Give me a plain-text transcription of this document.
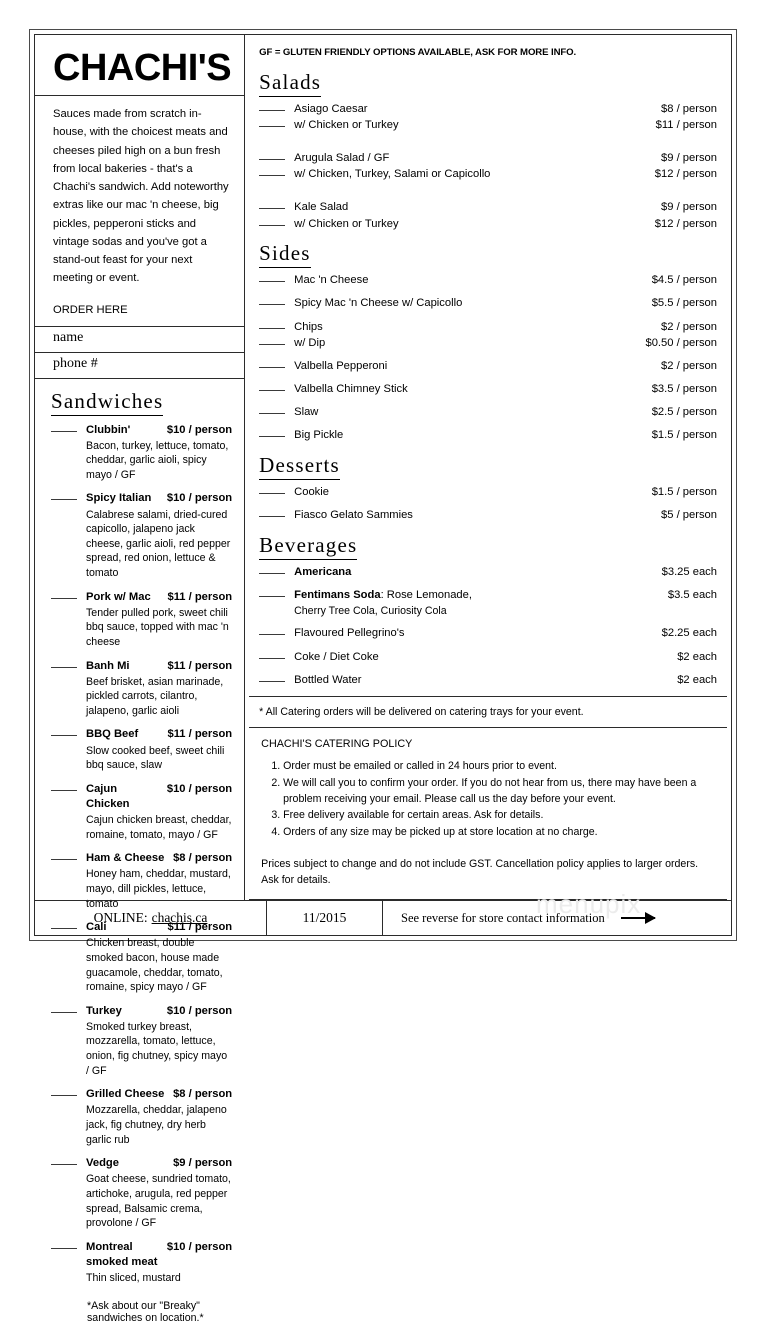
CHACHI'S
Sauces made from scratch in-house, with the choicest meats and cheeses piled high on a bun fresh from local bakeries - that's a Chachi's sandwich. Add noteworthy extras like our mac 'n cheese, big pickles, pepperoni sticks and vintage sodas and you've got a stand-out feast for your next meeting or event.
ORDER HERE
name
phone #
Sandwiches
Clubbin'	$10 / person
Bacon, turkey, lettuce, tomato, cheddar, garlic aioli, spicy mayo / GF
Spicy Italian $10 / person
Calabrese salami, dried-cured capicollo, jalapeno jack cheese, garlic aioli, red pepper spread, red onion, lettuce & tomato
Pork w/ Mac $11 / person
Tender pulled pork, sweet chili bbq sauce, topped with mac 'n cheese
Banh Mi	$11 / person
Beef brisket, asian marinade, pickled carrots, cilantro, jalapeno, garlic aioli
BBQ Beef	$11 / person
Slow cooked beef, sweet chili bbq sauce, slaw
Cajun Chicken
$10 / person
Cajun chicken breast, cheddar, romaine, tomato, mayo / GF
Ham & Cheese $8 / person
Honey ham, cheddar, mustard, mayo, dill pickles, lettuce, tomato
Cali	$11 / person
Chicken breast, double smoked bacon, house made guacamole, cheddar, tomato, romaine, spicy mayo / GF
Turkey	$10 / person
Smoked turkey breast, mozzarella, tomato, lettuce, onion, fig chutney, spicy mayo / GF
Grilled Cheese $8 / person
Mozzarella, cheddar, jalapeno jack, fig chutney, dry herb garlic rub
Vedge	$9 / person
Goat cheese, sundried tomato, artichoke, arugula, red pepper spread, Balsamic crema, provolone / GF
Montreal smoked meat
$10 / person
Thin sliced, mustard
*Ask about our "Breaky" sandwiches on location.*
GF = GLUTEN FRIENDLY OPTIONS AVAILABLE, ASK FOR MORE INFO.
Salads
Asiago Caesar	$8 / person
w/ Chicken or Turkey	$11 / person
Arugula Salad / GF	$9 / person
w/ Chicken, Turkey, Salami or Capicollo	$12 / person
Kale Salad	$9 / person
w/ Chicken or Turkey	$12 / person
Sides
Mac 'n Cheese	$4.5 / person
Spicy Mac 'n Cheese w/ Capicollo	$5.5 / person
Chips	$2 / person
w/ Dip	$0.50 / person
Valbella Pepperoni	$2 / person
Valbella Chimney Stick	$3.5 / person
Slaw	$2.5 / person
Big Pickle	$1.5 / person
Desserts
Cookie	$1.5 / person
Fiasco Gelato Sammies	$5 / person
Beverages
Americana	$3.25 each
Fentimans Soda: Rose Lemonade,	$3.5 each
Cherry Tree Cola, Curiosity Cola
Flavoured Pellegrino's	$2.25 each
Coke / Diet Coke	$2 each
Bottled Water	$2 each
* All Catering orders will be delivered on catering trays for your event.
CHACHI'S CATERING POLICY
1. Order must be emailed or called in 24 hours prior to event.
2. We will call you to confirm your order. If you do not hear from us, there may have been a problem receiving your email. Please call us the day before your event.
3. Free delivery available for certain areas. Ask for details.
4. Orders of any size may be picked up at store location at no charge.
Prices subject to change and do not include GST. Cancellation policy applies to larger orders. Ask for details.
ONLINE: chachis.ca	11/2015	See reverse for store contact information
menupix
